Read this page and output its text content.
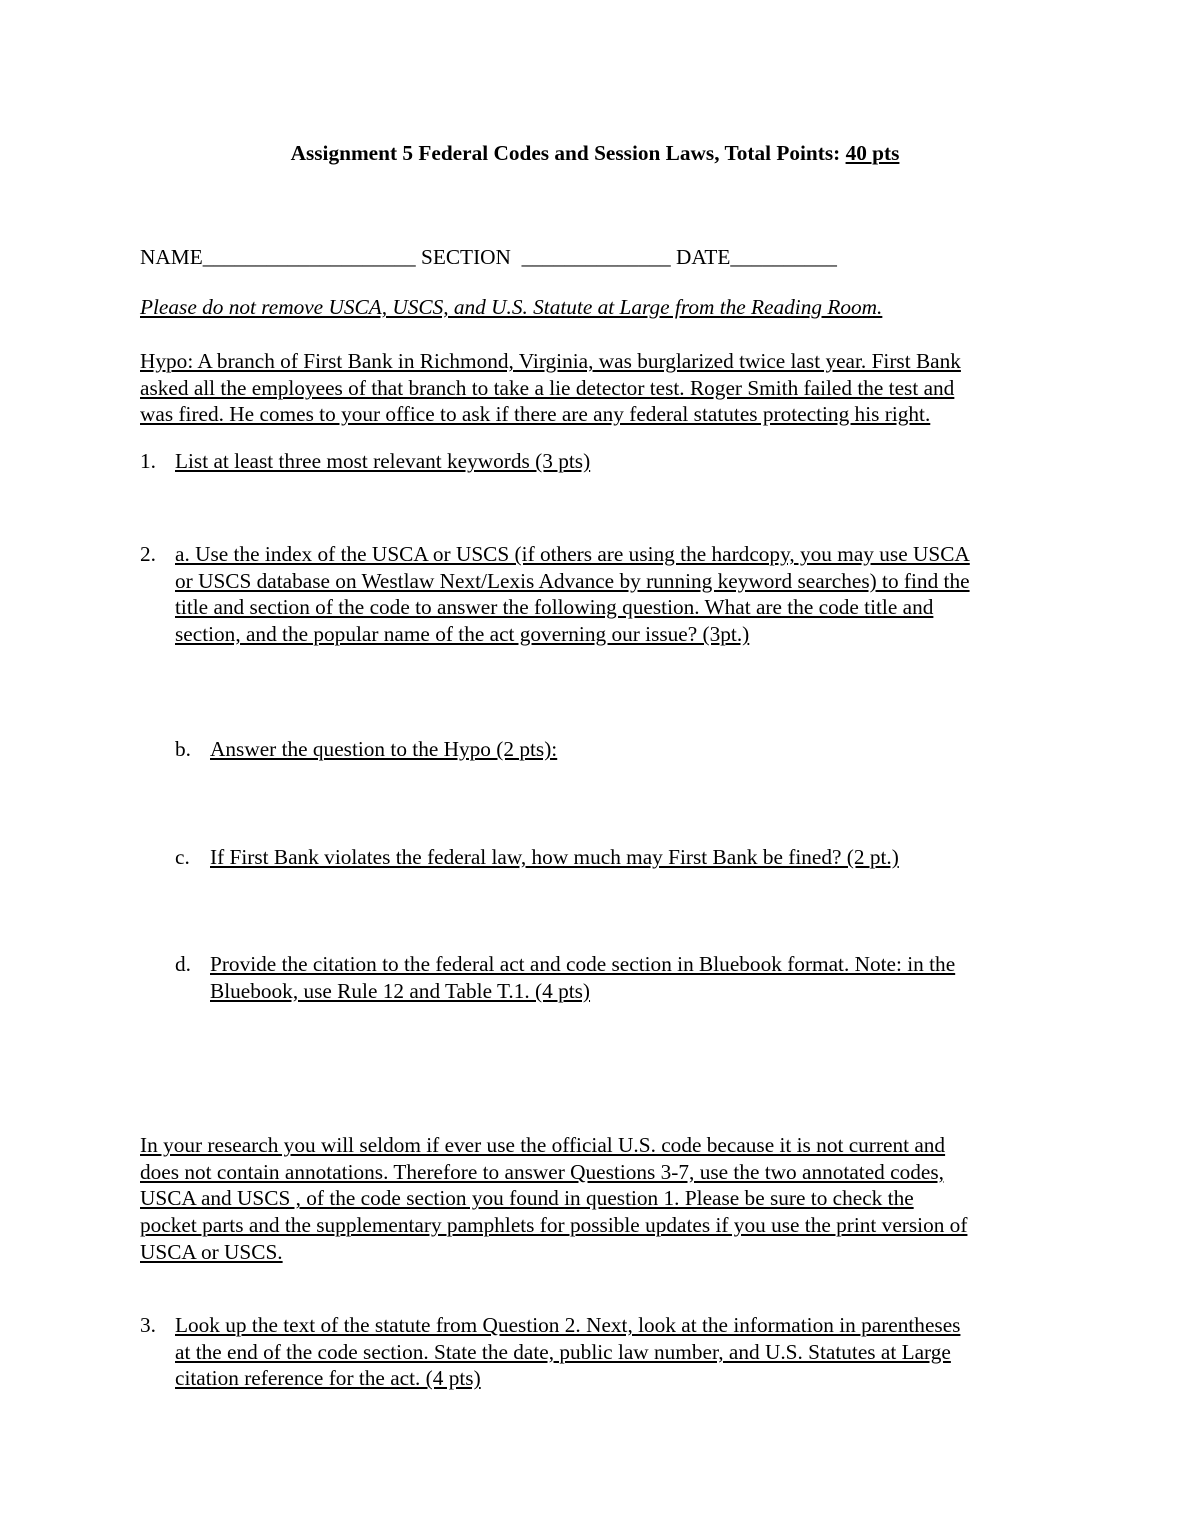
Assignment 5 Federal Codes and Session Laws, Total Points: 40 pts
NAME____________________ SECTION  ______________ DATE__________
Please do not remove USCA, USCS, and U.S. Statute at Large from the Reading Room.
Hypo: A branch of First Bank in Richmond, Virginia, was burglarized twice last year. First Bank
asked all the employees of that branch to take a lie detector test. Roger Smith failed the test and
was fired. He comes to your office to ask if there are any federal statutes protecting his right.
1. List at least three most relevant keywords (3 pts)
2. a. Use the index of the USCA or USCS (if others are using the hardcopy, you may use USCA
or USCS database on Westlaw Next/Lexis Advance by running keyword searches) to find the
title and section of the code to answer the following question. What are the code title and
section, and the popular name of the act governing our issue? (3pt.)
b. Answer the question to the Hypo (2 pts):
c. If First Bank violates the federal law, how much may First Bank be fined? (2 pt.)
d. Provide the citation to the federal act and code section in Bluebook format. Note: in the
Bluebook, use Rule 12 and Table T.1. (4 pts)
In your research you will seldom if ever use the official U.S. code because it is not current and
does not contain annotations. Therefore to answer Questions 3-7, use the two annotated codes,
USCA and USCS , of the code section you found in question 1. Please be sure to check the
pocket parts and the supplementary pamphlets for possible updates if you use the print version of
USCA or USCS.
3. Look up the text of the statute from Question 2. Next, look at the information in parentheses
at the end of the code section. State the date, public law number, and U.S. Statutes at Large
citation reference for the act. (4 pts)
